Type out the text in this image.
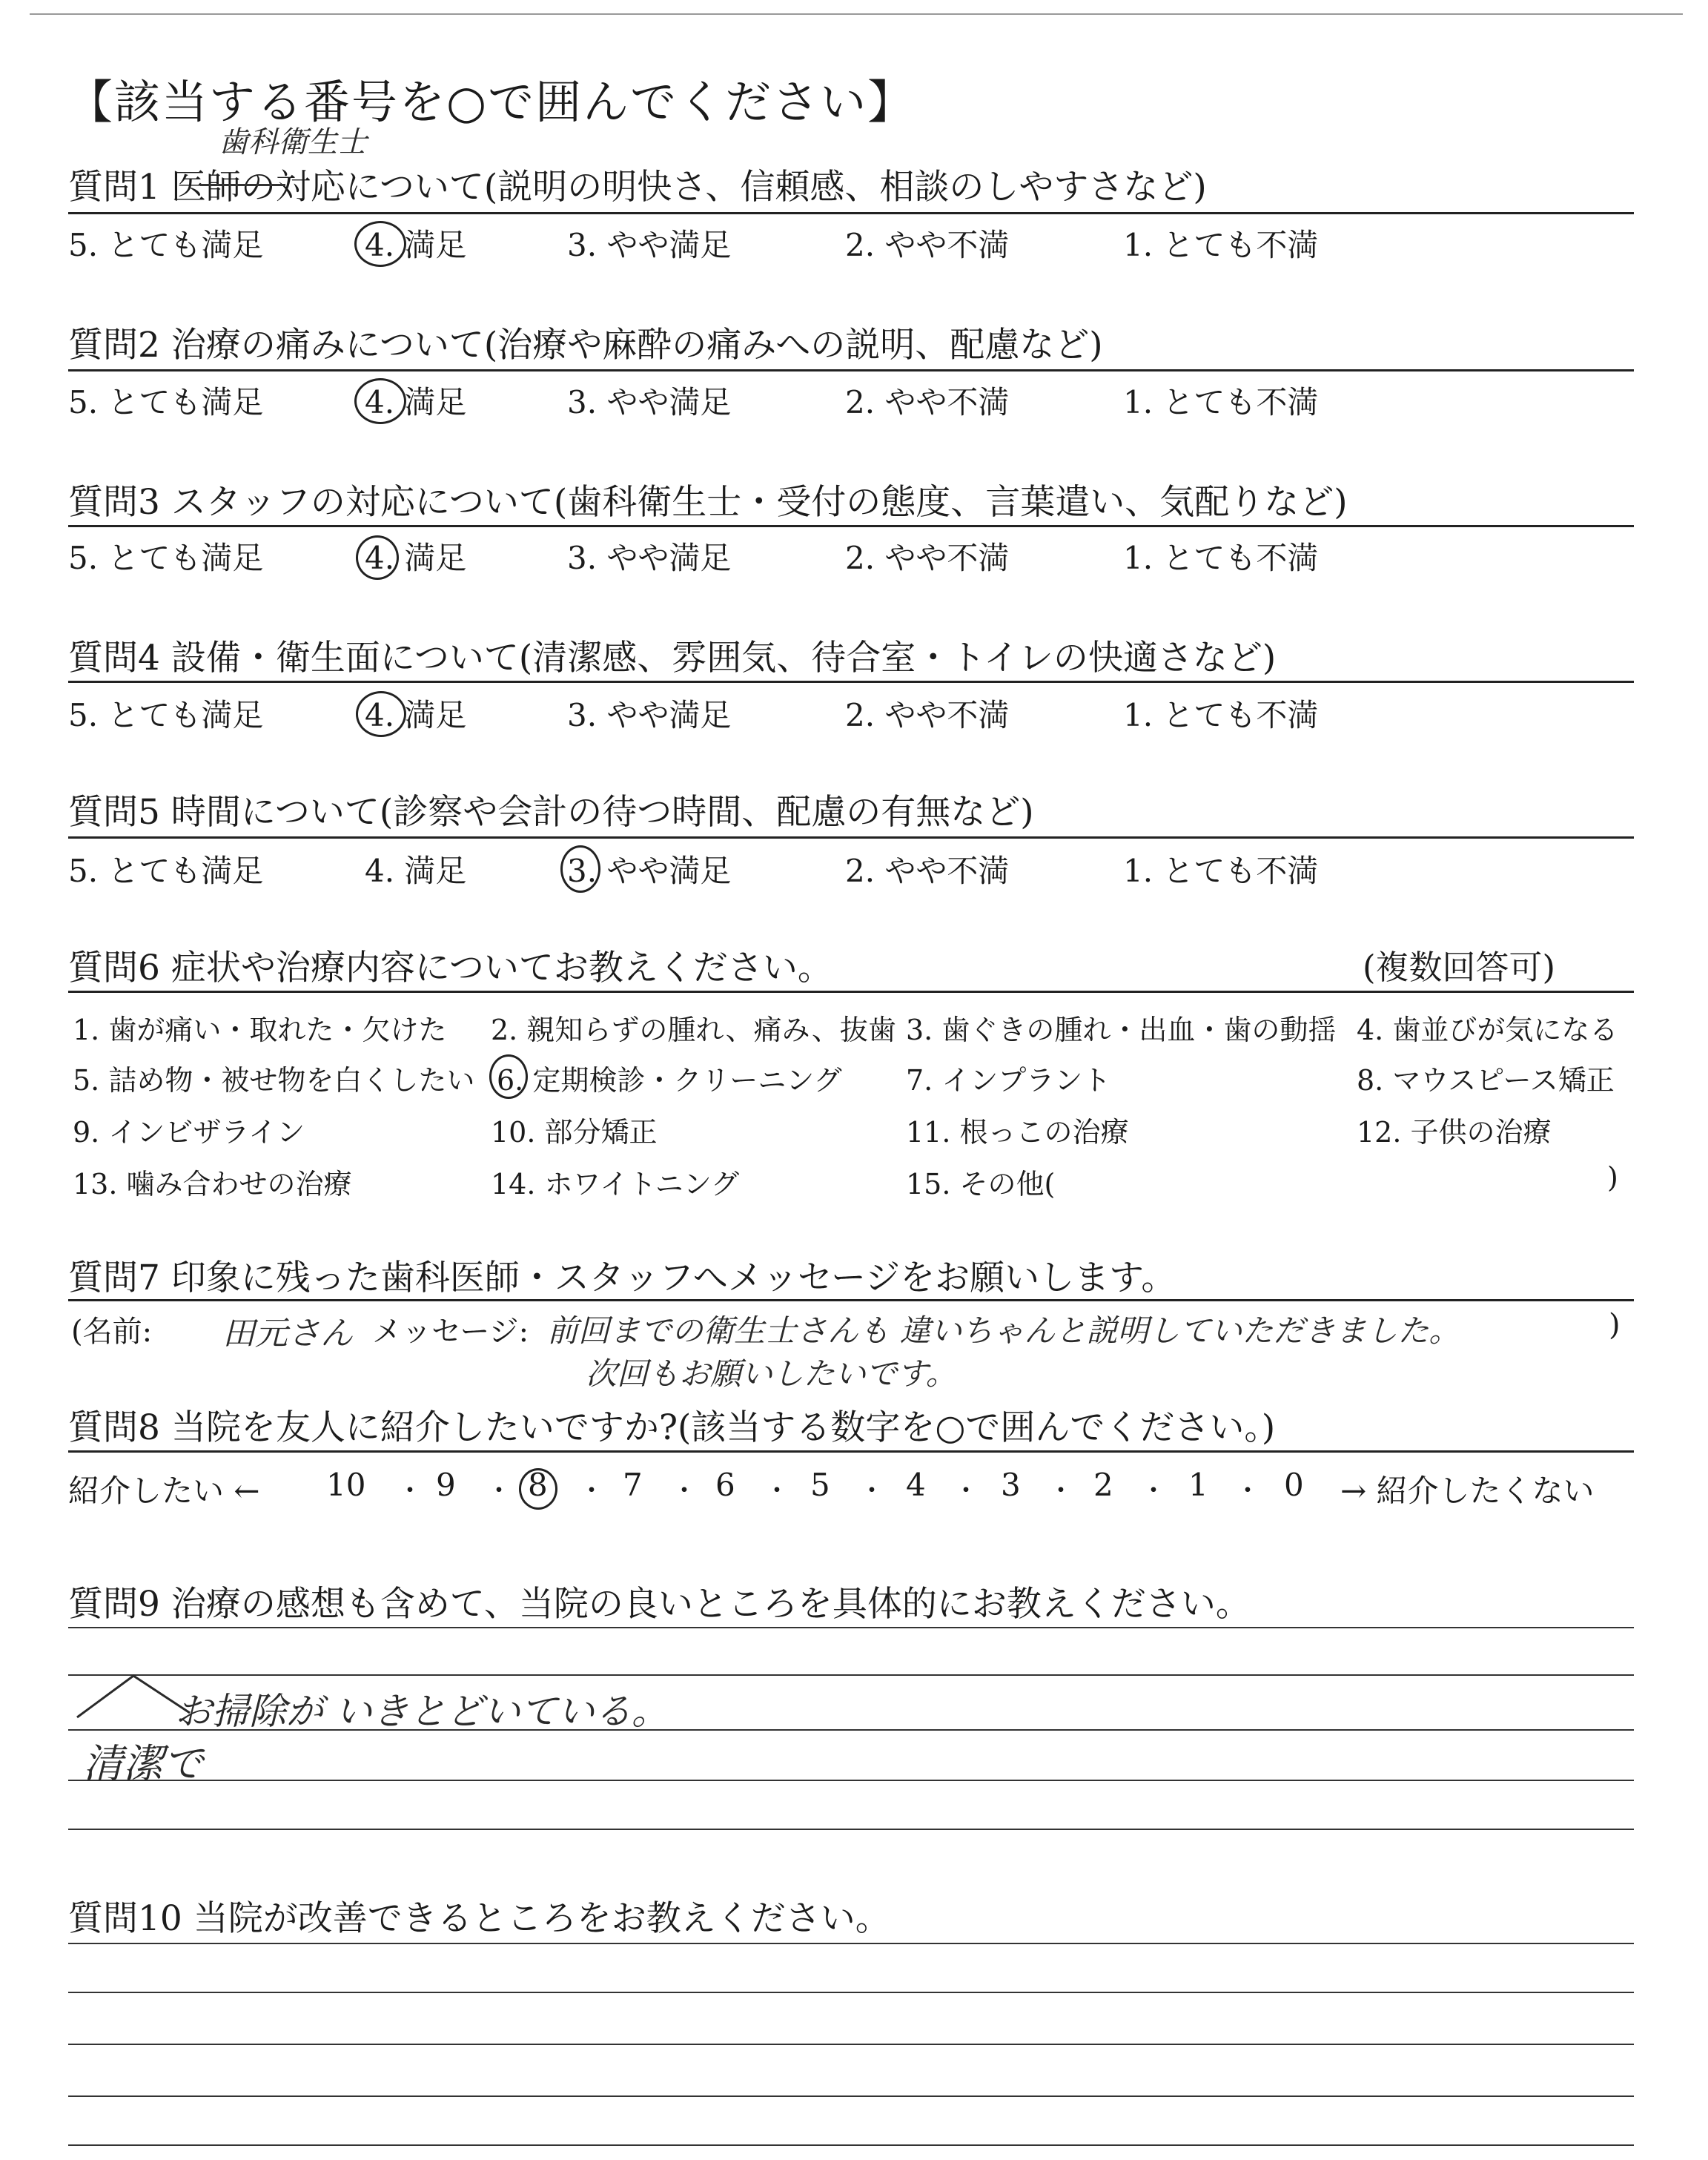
【該当する番号を○で囲んでください】
歯科衛生士
質問1 医師の対応について(説明の明快さ、信頼感、相談のしやすさなど)
5. とても満足	4. 満足	3. やや満足	2. やや不満	1. とても不満
質問2 治療の痛みについて(治療や麻酔の痛みへの説明、配慮など)
5. とても満足	4. 満足	3. やや満足	2. やや不満	1. とても不満
質問3 スタッフの対応について(歯科衛生士・受付の態度、言葉遣い、気配りなど)
5. とても満足	4. 満足	3. やや満足	2. やや不満	1. とても不満
質問4 設備・衛生面について(清潔感、雰囲気、待合室・トイレの快適さなど)
5. とても満足	4. 満足	3. やや満足	2. やや不満	1. とても不満
質問5 時間について(診察や会計の待つ時間、配慮の有無など)
5. とても満足	4. 満足	3. やや満足	2. やや不満	1. とても不満
質問6 症状や治療内容についてお教えください。	(複数回答可)
1. 歯が痛い・取れた・欠けた 2. 親知らずの腫れ、痛み、抜歯 3. 歯ぐきの腫れ・出血・歯の動揺 4. 歯並びが気になる
5. 詰め物・被せ物を白くしたい 6. 定期検診・クリーニング 7. インプラント	8. マウスピース矯正
9. インビザライン	10. 部分矯正	11. 根っこの治療	12. 子供の治療
13. 噛み合わせの治療	14. ホワイトニング	15. その他(	)
質問7 印象に残った歯科医師・スタッフへメッセージをお願いします。
(名前: 田元さん メッセージ: 前回までの衛生士さんも 違いちゃんと説明していただきました。
次回もお願いしたいです。
)
質問8 当院を友人に紹介したいですか?(該当する数字を○で囲んでください。)
紹介したい ← 10 ・ 9 ・ 8 ・ 7 ・ 6 ・ 5 ・ 4 ・ 3 ・ 2 ・ 1 ・ 0 → 紹介したくない
質問9 治療の感想も含めて、当院の良いところを具体的にお教えください。
お掃除が いきとどいている。
清潔で
質問10 当院が改善できるところをお教えください。
